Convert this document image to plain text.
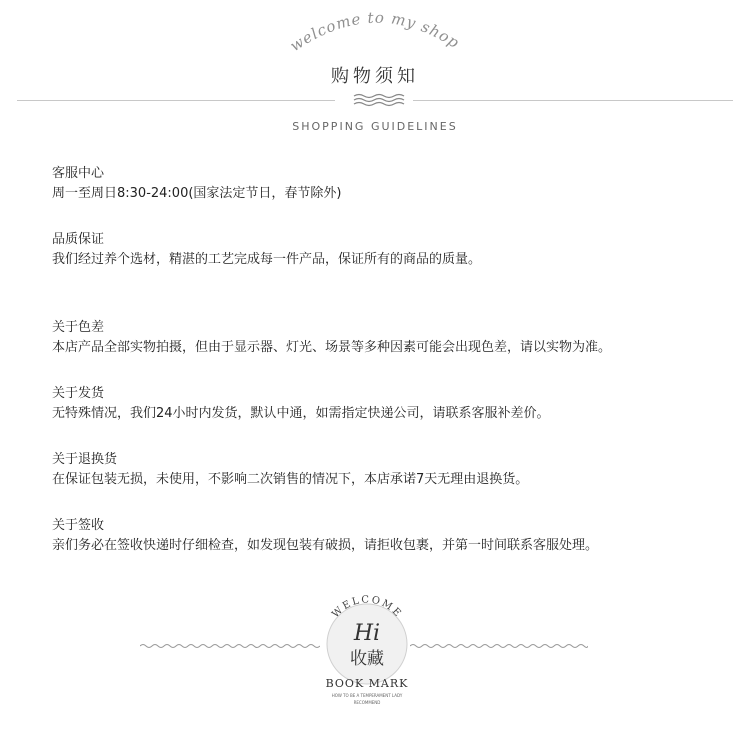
welcome to my shop
购物须知
SHOPPING GUIDELINES
客服中心
周一至周日8:30-24:00(国家法定节日，春节除外)
品质保证
我们经过养个选材，精湛的工艺完成每一件产品，保证所有的商品的质量。
关于色差
本店产品全部实物拍摄，但由于显示器、灯光、场景等多种因素可能会出现色差，请以实物为准。
关于发货
无特殊情况，我们24小时内发货，默认中通，如需指定快递公司，请联系客服补差价。
关于退换货
在保证包装无损，未使用，不影响二次销售的情况下，本店承诺7天无理由退换货。
关于签收
亲们务必在签收快递时仔细检查，如发现包装有破损，请拒收包裹，并第一时间联系客服处理。
WELCOME
Hi
收藏
BOOK MARK
HOW TO BE A TEMPERAMENT LADY
RECOMMEND
